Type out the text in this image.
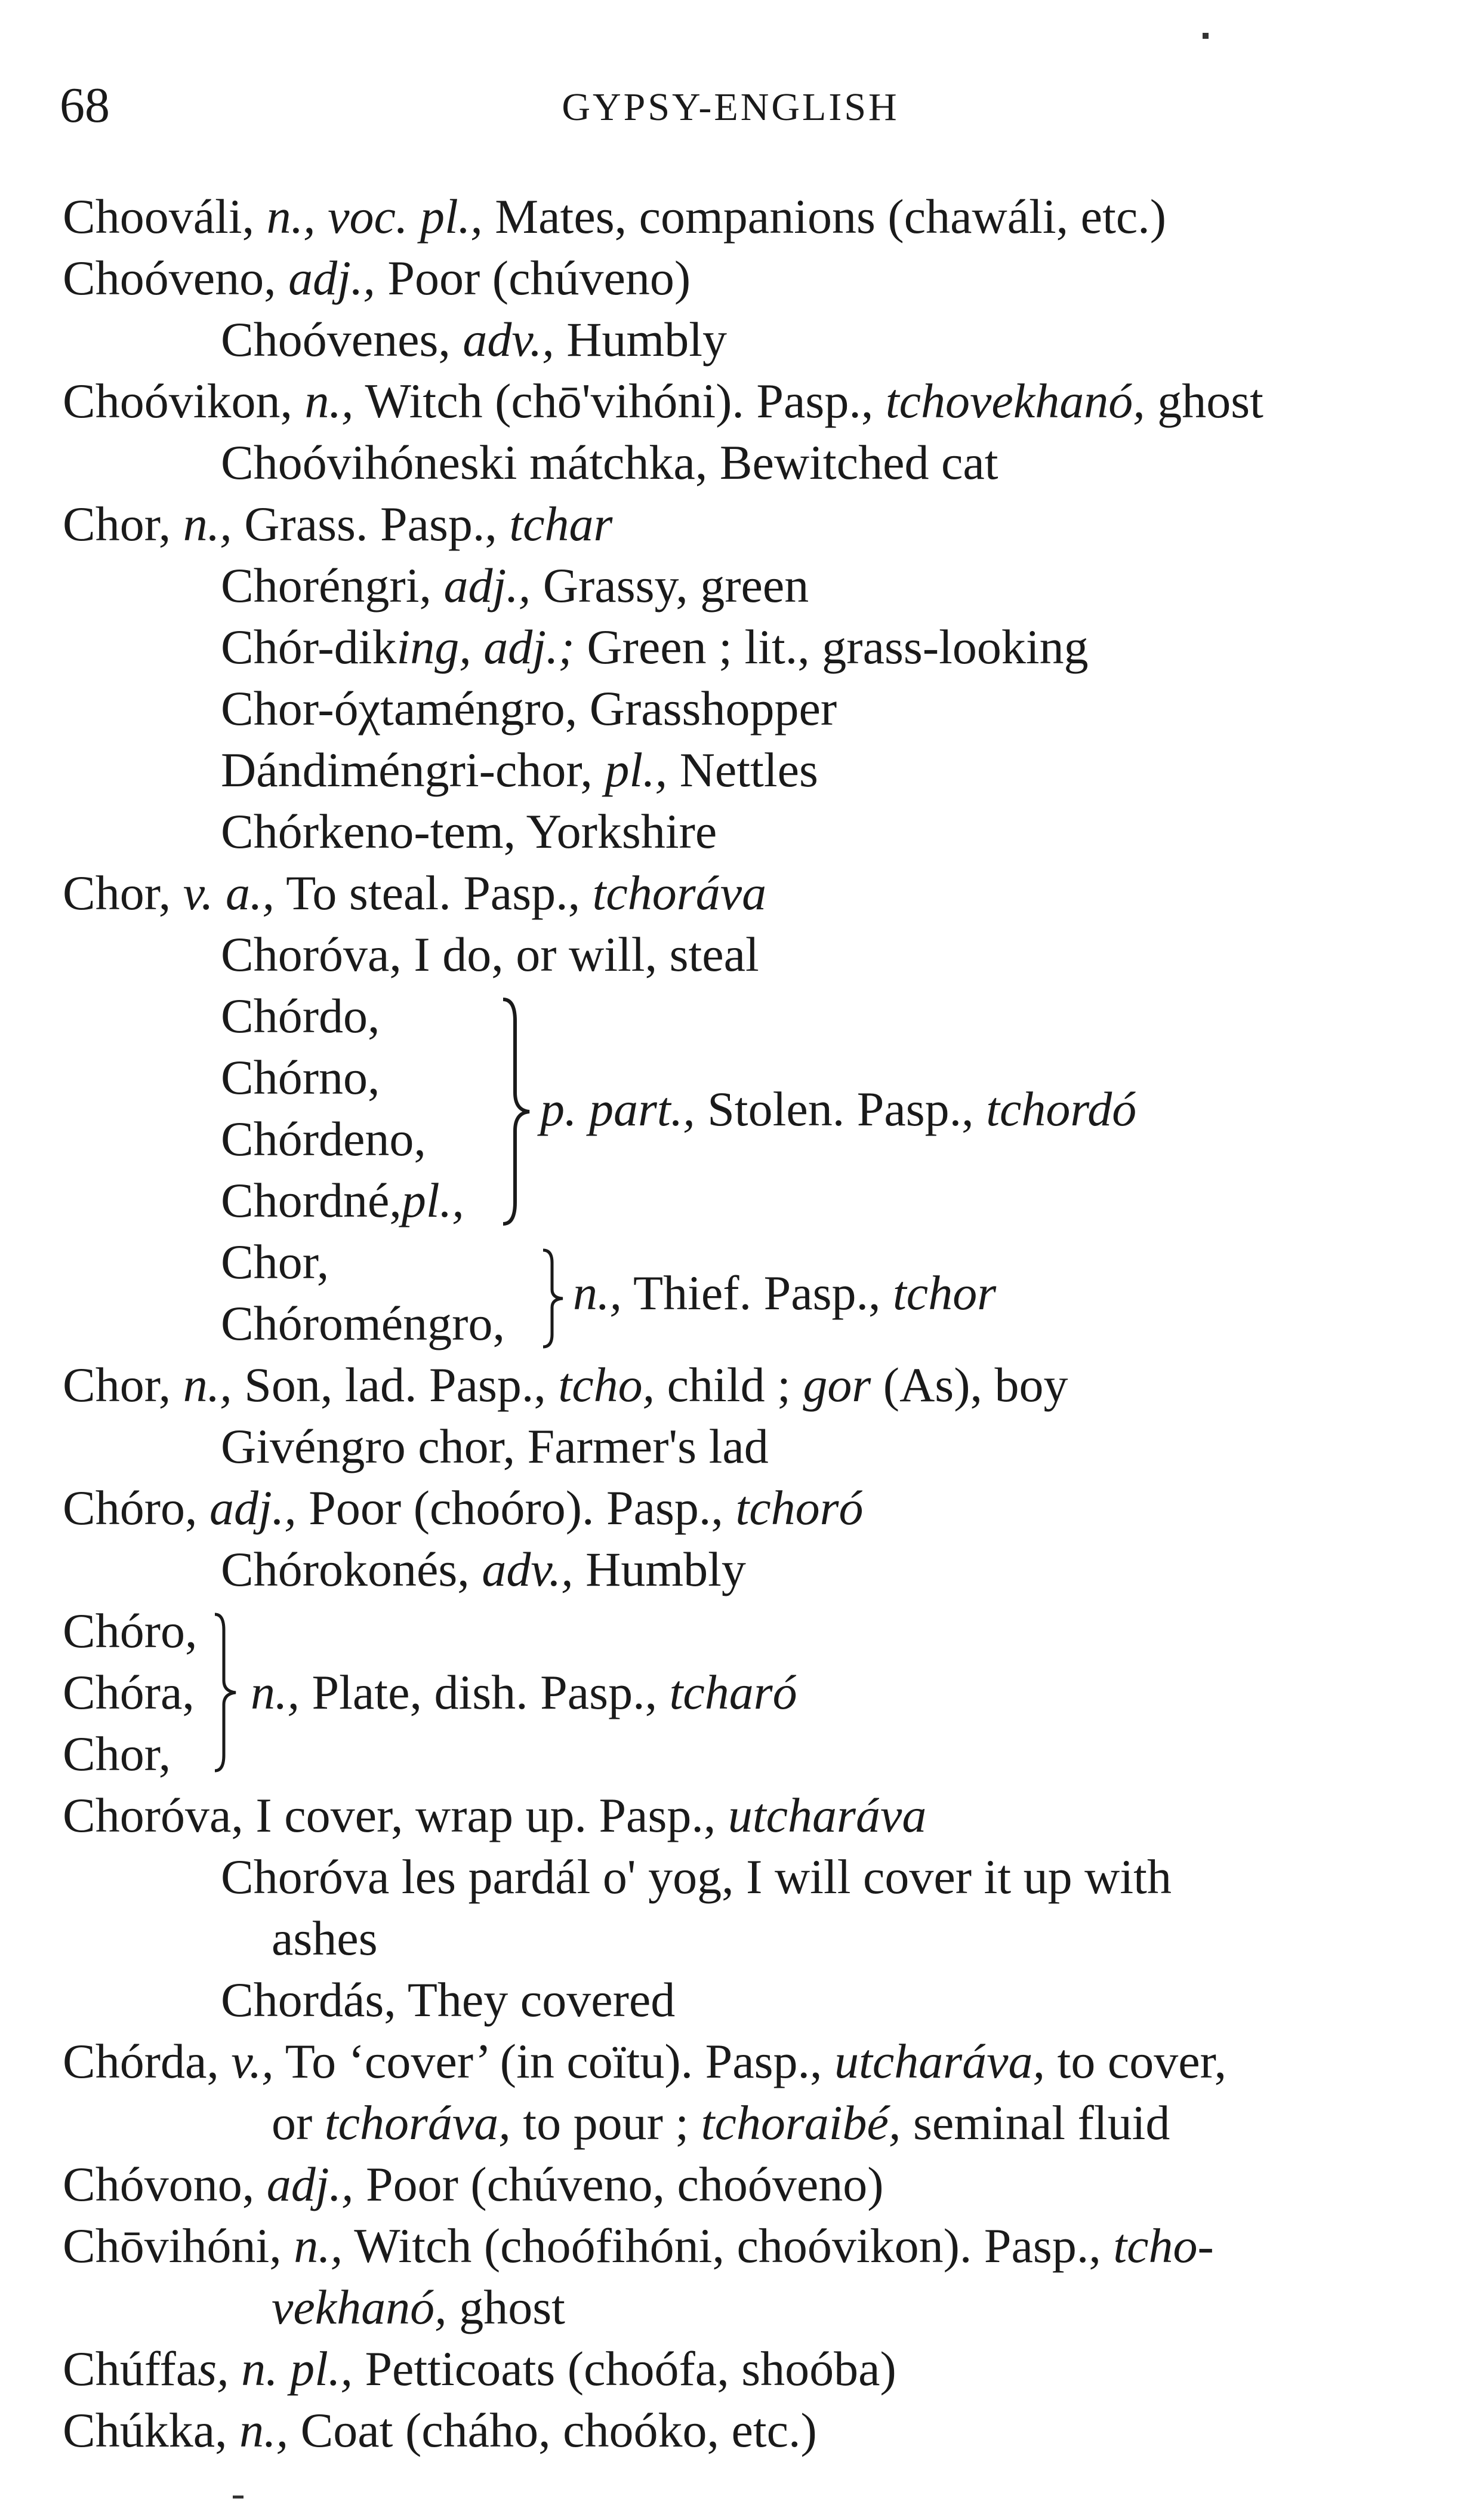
68	GYPSY-ENGLISH
Choováli, n., voc. pl., Mates, companions (chawáli, etc.)
Choóveno, adj., Poor (chúveno)
Choóvenes, adv., Humbly
Choóvikon, n., Witch (chō'vihóni). Pasp., tchovekhanó, ghost
Choóvihóneski mátchka, Bewitched cat
Chor, n., Grass. Pasp., tchar
Choréngri, adj., Grassy, green
Chór-diking, adj.; Green ; lit., grass-looking
Chor-óχtaméngro, Grasshopper
Dándiméngri-chor, pl., Nettles
Chórkeno-tem, Yorkshire
Chor, v. a., To steal. Pasp., tchoráva
Choróva, I do, or will, steal
Chórdo,
Chórno,
Chórdeno,
Chordné,pl.,
p. part., Stolen. Pasp., tchordó
Chor,
Chóroméngro,
n., Thief. Pasp., tchor
Chor, n., Son, lad. Pasp., tcho, child ; gor (As), boy
Givéngro chor, Farmer's lad
Chóro, adj., Poor (choóro). Pasp., tchoró
Chórokonés, adv., Humbly
Chóro,
Chóra,
Chor,
n., Plate, dish. Pasp., tcharó
Choróva, I cover, wrap up. Pasp., utcharáva
Choróva les pardál o' yog, I will cover it up with
ashes
Chordás, They covered
Chórda, v., To ‘cover’ (in coïtu). Pasp., utcharáva, to cover,
or tchoráva, to pour ; tchoraibé, seminal fluid
Chóvono, adj., Poor (chúveno, choóveno)
Chōvihóni, n., Witch (choófihóni, choóvikon). Pasp., tcho-
vekhanó, ghost
Chúffas, n. pl., Petticoats (choófa, shoóba)
Chúkka, n., Coat (cháho, choóko, etc.)
